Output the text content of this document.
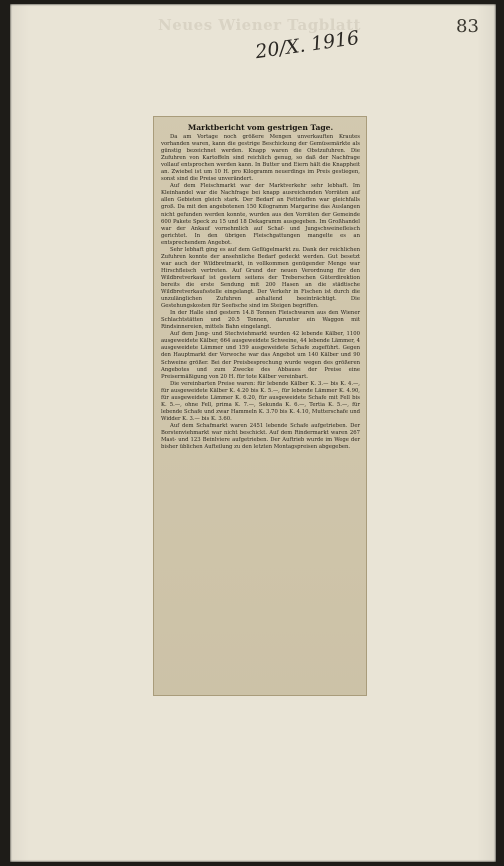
Neues Wiener Tagblatt	83
20/X. 1916
Marktbericht vom gestrigen Tage.

Da am Vortage noch größere Mengen unverkauften Krautes vorhanden waren, kann die gestrige Beschickung der Gemüsemärkte als günstig bezeichnet werden. Knapp waren die Obstzufuhren. Die Zufuhren von Kartoffeln sind reichlich genug, so daß der Nachfrage vollauf entsprochen werden kann. In Butter und Eiern hält die Knappheit an. Zwiebel ist um 10 H. pro Kilogramm neuerdings im Preis gestiegen, sonst sind die Preise unverändert.

Auf dem Fleischmarkt war der Marktverkehr sehr lebhaft. Im Kleinhandel war die Nachfrage bei knapp ausreichenden Vorräten auf allen Gebieten gleich stark. Der Bedarf an Fettstoffen war gleichfalls groß. Da mit den angebotenen 150 Kilogramm Margarine das Auslangen nicht gefunden werden konnte, wurden aus den Vorräten der Gemeinde 600 Pakete Speck zu 15 und 18 Dekagramm ausgegeben. Im Großhandel war der Ankauf vornehmlich auf Schaf- und Jungschweinefleisch gerichtet. In den übrigen Fleischgattungen mangelte es an entsprechendem Angebot.

Sehr lebhaft ging es auf dem Geflügelmarkt zu. Dank der reichlichen Zufuhren konnte der ansehnliche Bedarf gedeckt werden. Gut besetzt war auch der Wildbretmarkt, in vollkommen genügender Menge war Hirschfleisch vertreten. Auf Grund der neuen Verordnung für den Wildbretverkauf ist gestern seitens der Treberschen Güterdirektion bereits die erste Sendung mit 200 Hasen an die städtische Wildbretverkaufsstelle eingelangt. Der Verkehr in Fischen ist durch die unzulänglichen Zufuhren anhaltend beeinträchtigt. Die Gestehungskosten für Seefische sind im Steigen begriffen.

In der Halle sind gestern 14.8 Tonnen Fleischwaren aus den Wiener Schlachtstätten und 20.5 Tonnen, darunter ein Waggon mit Rindsinnereien, mittels Bahn eingelangt.

Auf dem Jung- und Stechviehmarkt wurden 42 lebende Kälber, 1100 ausgeweidete Kälber, 664 ausgeweidete Schweine, 44 lebende Lämmer, 4 ausgeweidete Lämmer und 159 ausgeweidete Schafe zugeführt. Gegen den Hauptmarkt der Vorwoche war das Angebot um 140 Kälber und 90 Schweine größer. Bei der Preisbesprechung wurde wegen des größeren Angebotes und zum Zwecke des Abbaues der Preise eine Preisermäßigung von 20 H. für tote Kälber vereinbart.

Die vereinbarten Preise waren: für lebende Kälber K. 3.— bis K. 4.—, für ausgeweidete Kälber K. 4.20 bis K. 5.—, für lebende Lämmer K. 4.90, für ausgeweidete Lämmer K. 6.20, für ausgeweidete Schafe mit Fell bis K. 5.—, ohne Fell, prima K. 7.—, Sekunda K. 6.—, Tertia K. 5.—, für lebende Schafe und zwar Hammeln K. 3.70 bis K. 4.10, Mutterschafe und Widder K. 3.— bis K. 3.60.

Auf dem Schafmarkt waren 2451 lebende Schafe aufgetrieben. Der Borstenviehmarkt war nicht beschickt. Auf dem Rindermarkt waren 267 Mast- und 123 Beinlviere aufgetrieben. Der Auftrieb wurde im Wege der bisher üblichen Aufteilung zu den letzten Montagspreisen abgegeben.
